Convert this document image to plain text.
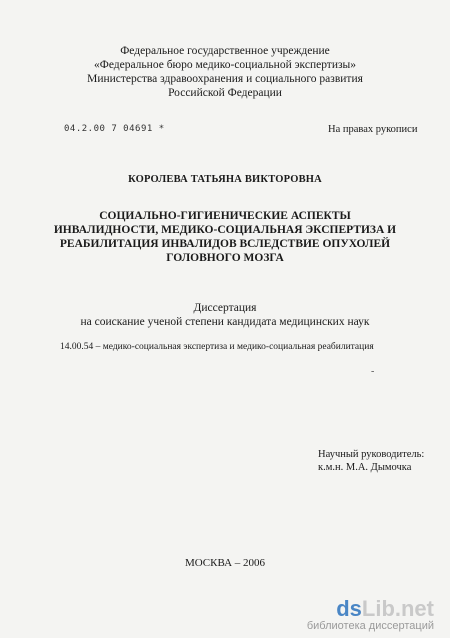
Федеральное государственное учреждение
«Федеральное бюро медико-социальной экспертизы»
Министерства здравоохранения и социального развития
Российской Федерации
04.2.00 7 04691 *	На правах рукописи
КОРОЛЕВА ТАТЬЯНА ВИКТОРОВНА
СОЦИАЛЬНО-ГИГИЕНИЧЕСКИЕ АСПЕКТЫ
ИНВАЛИДНОСТИ, МЕДИКО-СОЦИАЛЬНАЯ ЭКСПЕРТИЗА И
РЕАБИЛИТАЦИЯ ИНВАЛИДОВ ВСЛЕДСТВИЕ ОПУХОЛЕЙ
ГОЛОВНОГО МОЗГА
Диссертация
на соискание ученой степени кандидата медицинских наук
14.00.54 – медико-социальная экспертиза и медико-социальная реабилитация
-
Научный руководитель:
к.м.н. М.А. Дымочка
МОСКВА – 2006
dsLib.net
библиотека диссертаций
